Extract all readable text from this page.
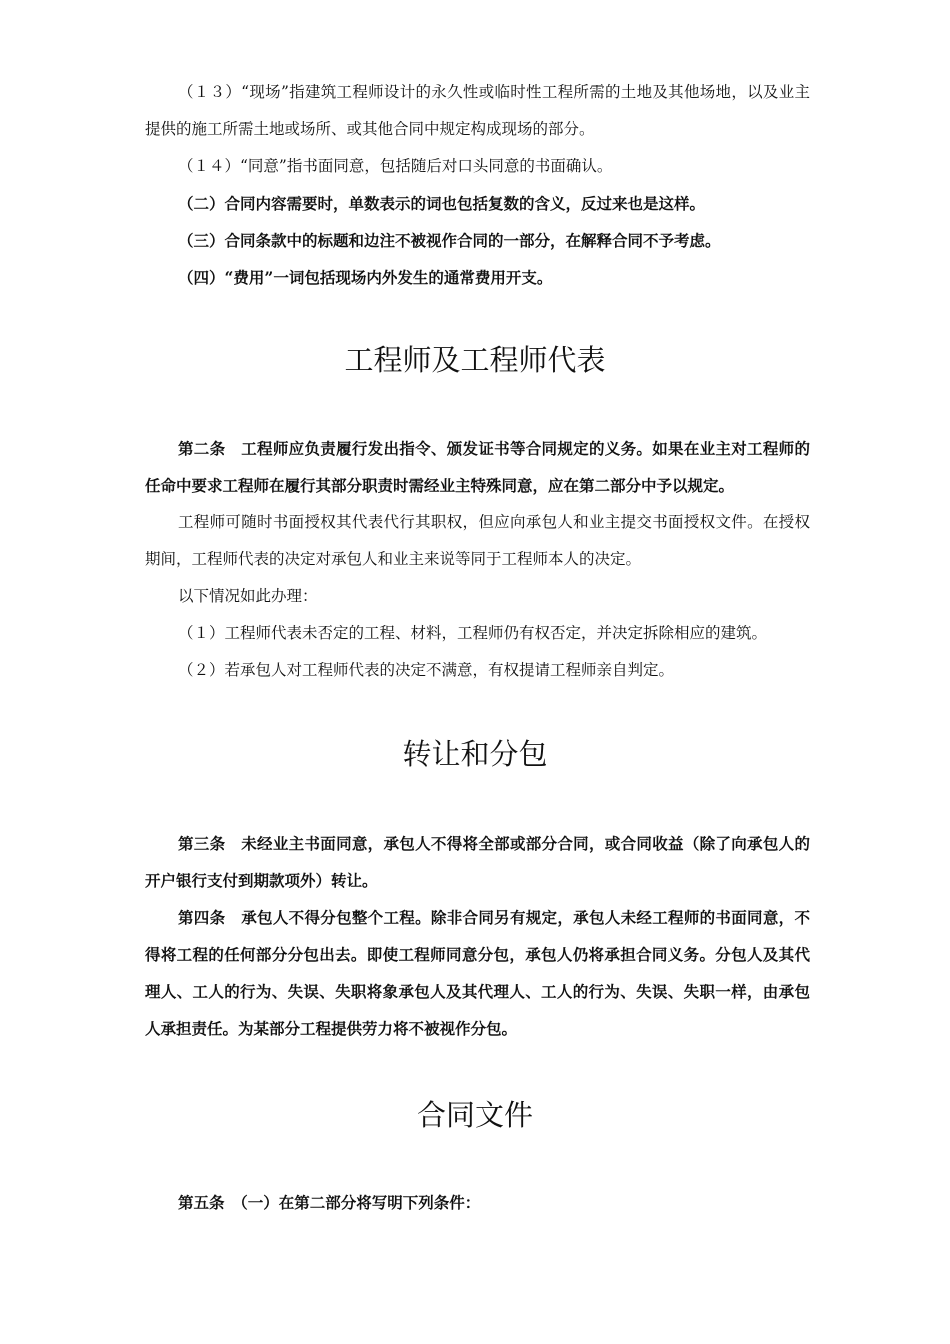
（１３）“现场”指建筑工程师设计的永久性或临时性工程所需的土地及其他场地，以及业主提供的施工所需土地或场所、或其他合同中规定构成现场的部分。

（１４）“同意”指书面同意，包括随后对口头同意的书面确认。

（二）合同内容需要时，单数表示的词也包括复数的含义，反过来也是这样。

（三）合同条款中的标题和边注不被视作合同的一部分，在解释合同不予考虑。

（四）“费用”一词包括现场内外发生的通常费用开支。

工程师及工程师代表

第二条　 工程师应负责履行发出指令、颁发证书等合同规定的义务。如果在业主对工程师的任命中要求工程师在履行其部分职责时需经业主特殊同意，应在第二部分中予以规定。

工程师可随时书面授权其代表代行其职权，但应向承包人和业主提交书面授权文件。在授权期间，工程师代表的决定对承包人和业主来说等同于工程师本人的决定。

以下情况如此办理：

（１）工程师代表未否定的工程、材料，工程师仍有权否定，并决定拆除相应的建筑。

（２）若承包人对工程师代表的决定不满意，有权提请工程师亲自判定。

转让和分包

第三条　 未经业主书面同意，承包人不得将全部或部分合同，或合同收益（除了向承包人的开户银行支付到期款项外）转让。

第四条　 承包人不得分包整个工程。除非合同另有规定，承包人未经工程师的书面同意，不得将工程的任何部分分包出去。即使工程师同意分包，承包人仍将承担合同义务。分包人及其代理人、工人的行为、失误、失职将象承包人及其代理人、工人的行为、失误、失职一样，由承包人承担责任。为某部分工程提供劳力将不被视作分包。

合同文件

第五条　 （一）在第二部分将写明下列条件：
